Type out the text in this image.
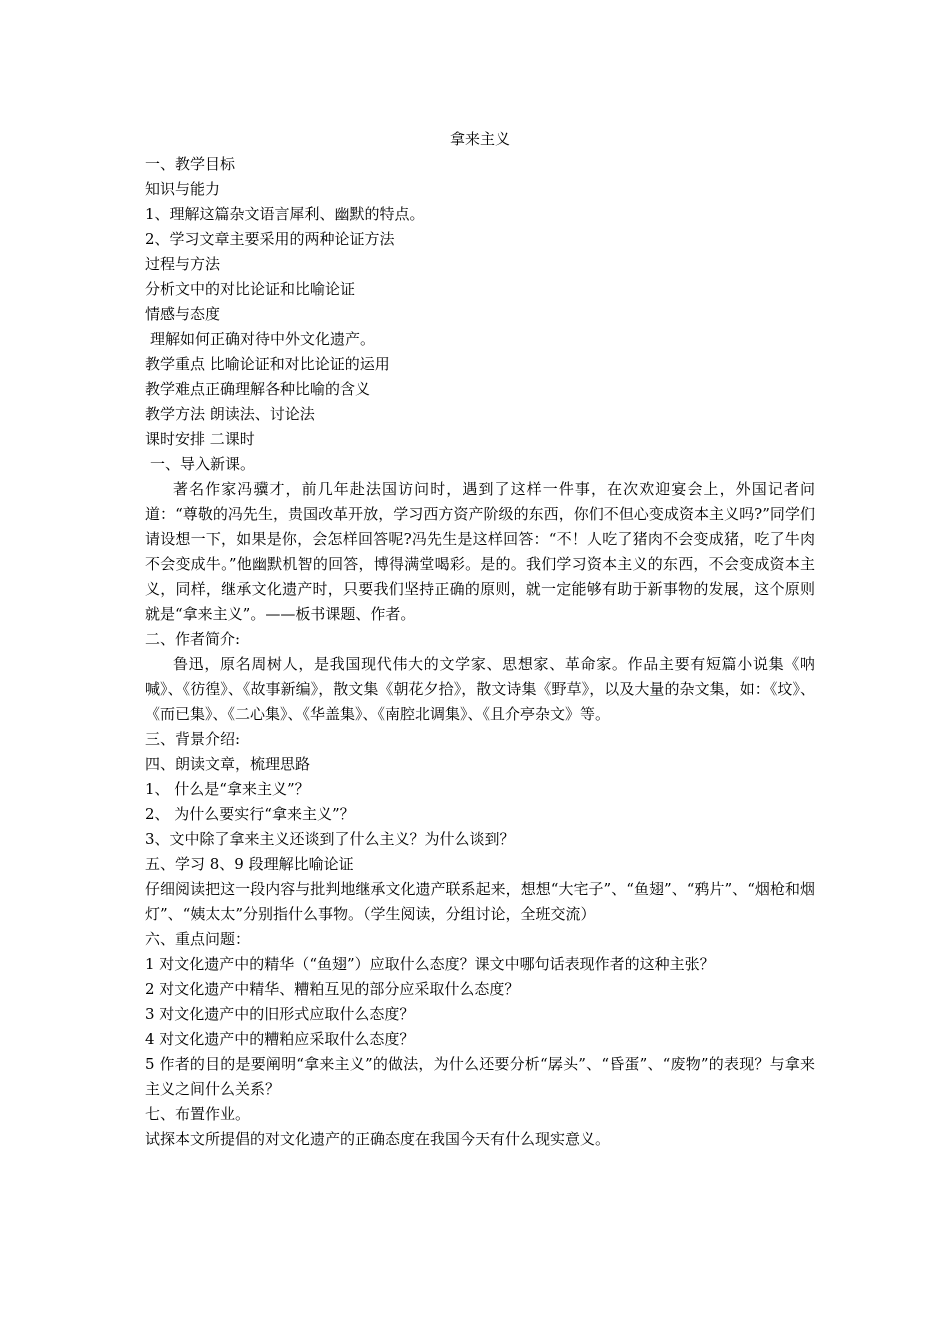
拿来主义
一、教学目标
知识与能力
1、理解这篇杂文语言犀利、幽默的特点。
2、学习文章主要采用的两种论证方法
过程与方法
分析文中的对比论证和比喻论证
情感与态度
理解如何正确对待中外文化遗产。
教学重点 比喻论证和对比论证的运用
教学难点正确理解各种比喻的含义
教学方法 朗读法、讨论法
课时安排 二课时
一、导入新课。
著名作家冯骥才，前几年赴法国访问时，遇到了这样一件事，在次欢迎宴会上，外国记者问道：“尊敬的冯先生，贵国改革开放，学习西方资产阶级的东西，你们不但心变成资本主义吗?”同学们请设想一下，如果是你，会怎样回答呢?冯先生是这样回答：“不！人吃了猪肉不会变成猪，吃了牛肉不会变成牛。”他幽默机智的回答，博得满堂喝彩。是的。我们学习资本主义的东西，不会变成资本主义，同样，继承文化遗产时，只要我们坚持正确的原则，就一定能够有助于新事物的发展，这个原则就是“拿来主义”。——板书课题、作者。
二、作者简介:
鲁迅，原名周树人，是我国现代伟大的文学家、思想家、革命家。作品主要有短篇小说集《呐喊》、《彷徨》、《故事新编》，散文集《朝花夕拾》，散文诗集《野草》，以及大量的杂文集，如：《坟》、《而已集》、《二心集》、《华盖集》、《南腔北调集》、《且介亭杂文》等。
三、背景介绍:
四、朗读文章，梳理思路
1、 什么是“拿来主义”？
2、 为什么要实行“拿来主义”？
3、文中除了拿来主义还谈到了什么主义？为什么谈到？
五、学习 8、9 段理解比喻论证
仔细阅读把这一段内容与批判地继承文化遗产联系起来，想想“大宅子”、“鱼翅”、“鸦片”、“烟枪和烟灯”、“姨太太”分别指什么事物。（学生阅读，分组讨论，全班交流）
六、重点问题：
1 对文化遗产中的精华（“鱼翅”）应取什么态度？课文中哪句话表现作者的这种主张？
2 对文化遗产中精华、糟粕互见的部分应采取什么态度？
3 对文化遗产中的旧形式应取什么态度？
4 对文化遗产中的糟粕应采取什么态度？
5 作者的目的是要阐明“拿来主义”的做法，为什么还要分析“孱头”、“昏蛋”、“废物”的表现？与拿来主义之间什么关系？
七、布置作业。
试探本文所提倡的对文化遗产的正确态度在我国今天有什么现实意义。
